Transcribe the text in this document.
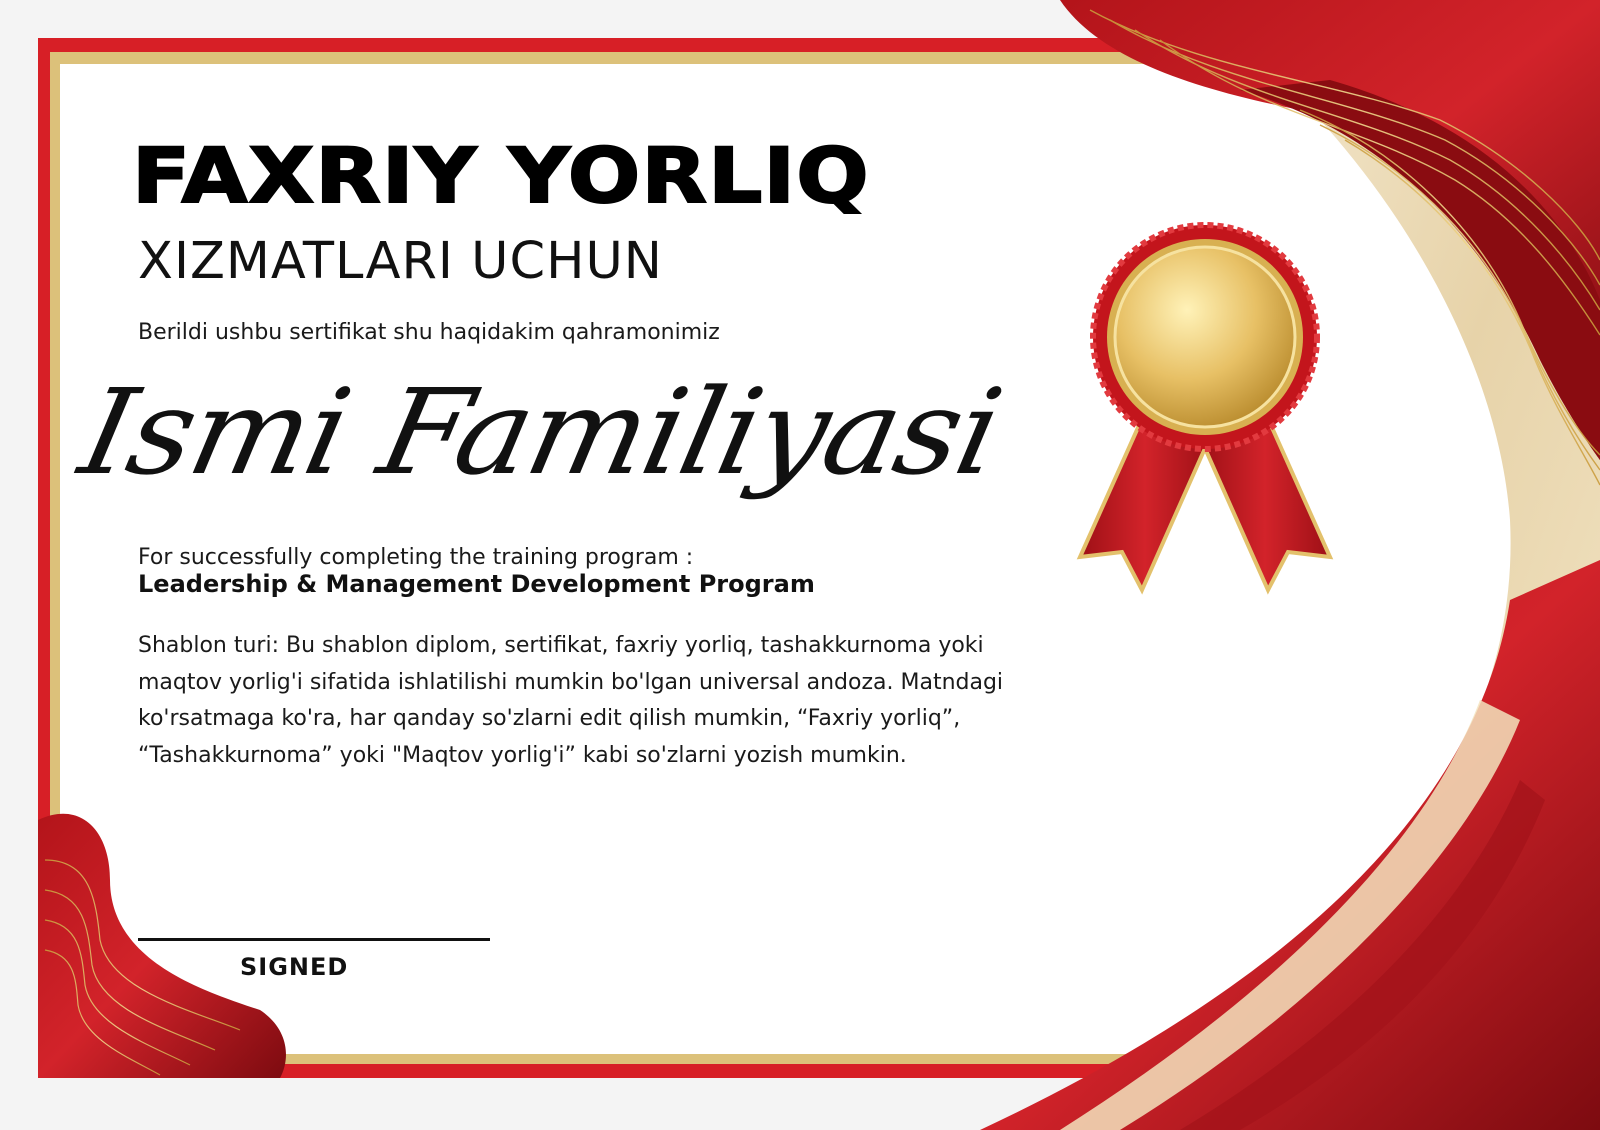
FAXRIY YORLIQ
XIZMATLARI UCHUN
Berildi ushbu sertifikat shu haqidakim qahramonimiz
Ismi Familiyasi
For successfully completing the training program :
Leadership & Management Development Program

Shablon turi: Bu shablon diplom, sertifikat, faxriy yorliq, tashakkurnoma yoki maqtov yorlig'i sifatida ishlatilishi mumkin bo'lgan universal andoza. Matndagi ko'rsatmaga ko'ra, har qanday so'zlarni edit qilish mumkin, “Faxriy yorliq”, “Tashakkurnoma” yoki "Maqtov yorlig'i” kabi so'zlarni yozish mumkin.

SIGNED
